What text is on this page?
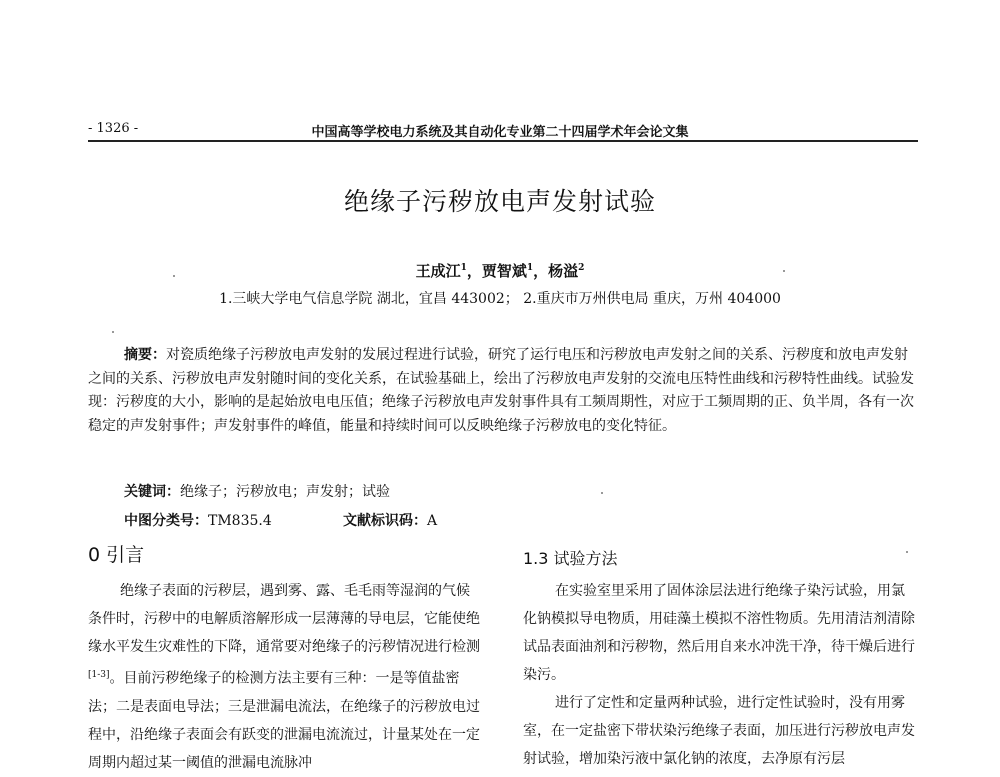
- 1326 -	中国高等学校电力系统及其自动化专业第二十四届学术年会论文集
绝缘子污秽放电声发射试验
王成江$^1$，贾智斌$^1$，杨溢$^2$
1.三峡大学电气信息学院 湖北，宜昌 443002； 2.重庆市万州供电局 重庆，万州 404000
摘要：对瓷质绝缘子污秽放电声发射的发展过程进行试验，研究了运行电压和污秽放电声发射之间的关系、污秽度和放电声发射之间的关系、污秽放电声发射随时间的变化关系，在试验基础上，绘出了污秽放电声发射的交流电压特性曲线和污秽特性曲线。试验发现：污秽度的大小，影响的是起始放电电压值；绝缘子污秽放电声发射事件具有工频周期性，对应于工频周期的正、负半周，各有一次稳定的声发射事件；声发射事件的峰值，能量和持续时间可以反映绝缘子污秽放电的变化特征。
关键词：绝缘子；污秽放电；声发射；试验
中图分类号：TM835.4	文献标识码：A
0 引言

绝缘子表面的污秽层，遇到雾、露、毛毛雨等湿润的气候条件时，污秽中的电解质溶解形成一层薄薄的导电层，它能使绝缘水平发生灾难性的下降，通常要对绝缘子的污秽情况进行检测[1-3]。目前污秽绝缘子的检测方法主要有三种：一是等值盐密法；二是表面电导法；三是泄漏电流法，在绝缘子的污秽放电过程中，沿绝缘子表面会有跃变的泄漏电流流过，计量某处在一定周期内超过某一阈值的泄漏电流脉冲

1.3 试验方法

在实验室里采用了固体涂层法进行绝缘子染污试验，用氯化钠模拟导电物质，用硅藻土模拟不溶性物质。先用清洁剂清除试品表面油剂和污秽物，然后用自来水冲洗干净，待干燥后进行染污。

进行了定性和定量两种试验，进行定性试验时，没有用雾室，在一定盐密下带状染污绝缘子表面，加压进行污秽放电声发射试验，增加染污液中氯化钠的浓度，去净原有污层
